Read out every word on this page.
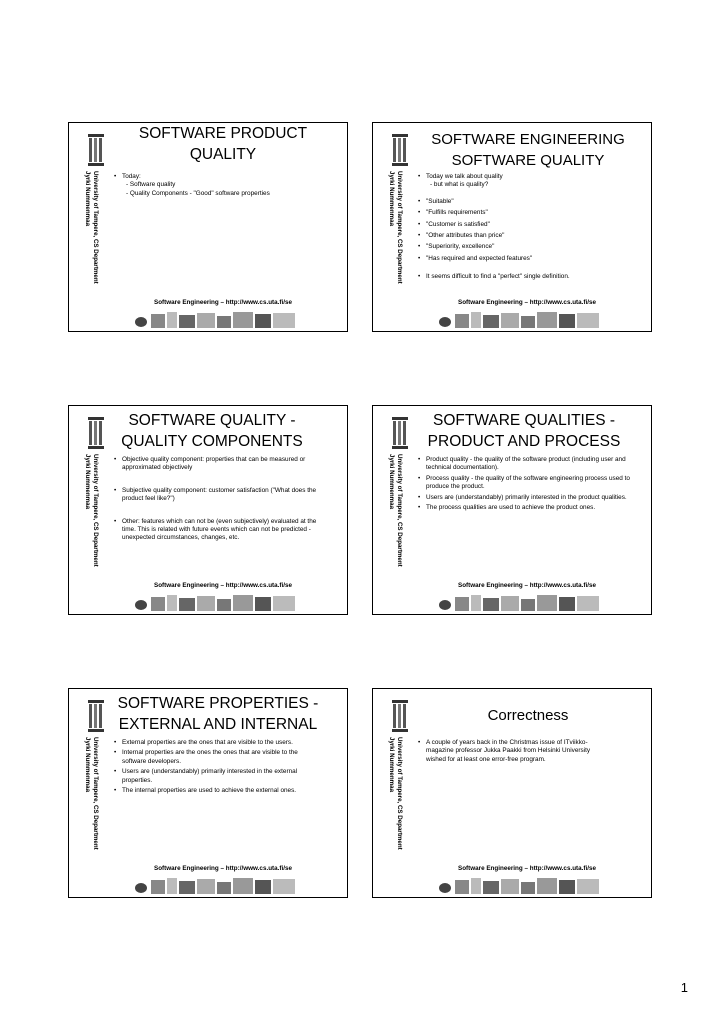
University of Tampere, CS Department
Jyrki Nummenmaa
SOFTWARE PRODUCT QUALITY
• Today:
- Software quality
- Quality Components - "Good" software properties
Software Engineering – http://www.cs.uta.fi/se
University of Tampere, CS Department
Jyrki Nummenmaa
SOFTWARE ENGINEERING SOFTWARE QUALITY
• Today we talk about quality
- but what is quality?
• "Suitable"
• "Fulfills requirements"
• "Customer is satisfied"
• "Other attributes than price"
• "Superiority, excellence"
• "Has required and expected features"
• It seems difficult to find a "perfect" single definition.
Software Engineering – http://www.cs.uta.fi/se
University of Tampere, CS Department
Jyrki Nummenmaa
SOFTWARE QUALITY - QUALITY COMPONENTS
• Objective quality component: properties that can be measured or approximated objectively
• Subjective quality component: customer satisfaction ("What does the product feel like?")
• Other: features which can not be (even subjectively) evaluated at the time. This is related with future events which can not be predicted - unexpected circumstances, changes, etc.
Software Engineering – http://www.cs.uta.fi/se
University of Tampere, CS Department
Jyrki Nummenmaa
SOFTWARE QUALITIES - PRODUCT AND PROCESS
• Product quality - the quality of the software product (including user and technical documentation).
• Process quality - the quality of the software engineering process used to produce the product.
• Users are (understandably) primarily interested in the product qualities.
• The process qualities are used to achieve the product ones.
Software Engineering – http://www.cs.uta.fi/se
University of Tampere, CS Department
Jyrki Nummenmaa
SOFTWARE PROPERTIES - EXTERNAL AND INTERNAL
• External properties are the ones that are visible to the users.
• Internal properties are the ones the ones that are visible to the software developers.
• Users are (understandably) primarily interested in the external properties.
• The internal properties are used to achieve the external ones.
Software Engineering – http://www.cs.uta.fi/se
University of Tampere, CS Department
Jyrki Nummenmaa
Correctness
• A couple of years back in the Christmas issue of ITviikko-magazine professor Jukka Paakki from Helsinki University wished for at least one error-free program.
Software Engineering – http://www.cs.uta.fi/se
1
